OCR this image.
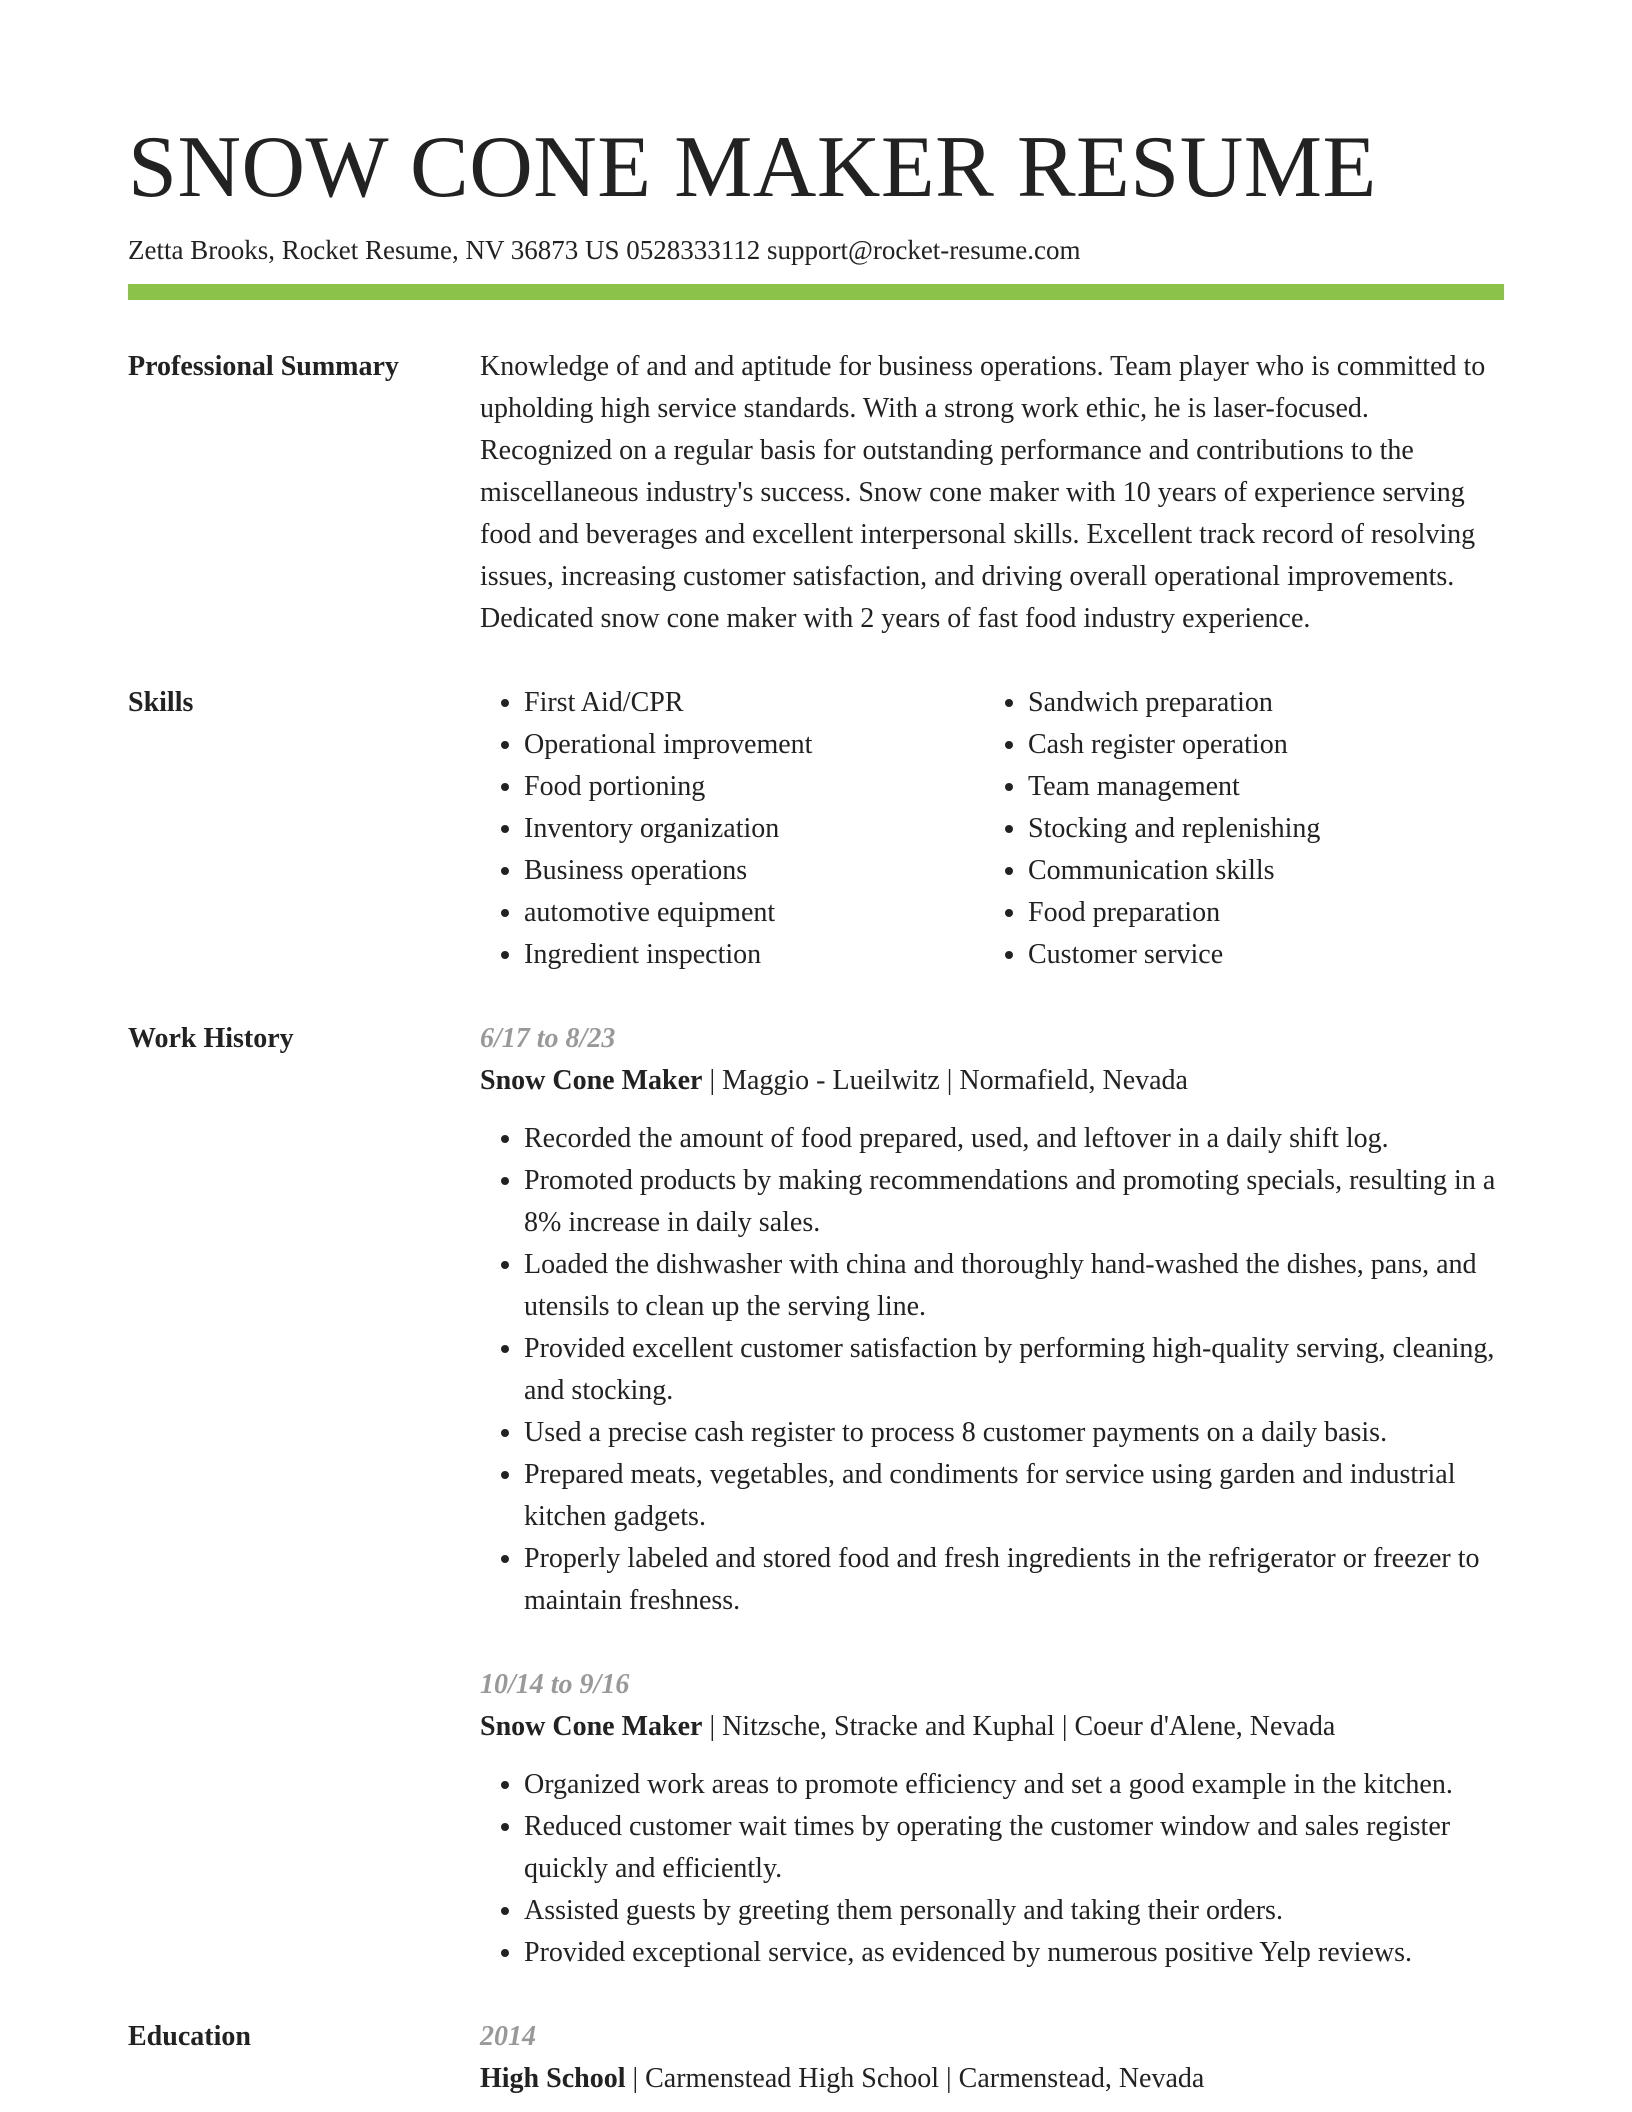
SNOW CONE MAKER RESUME
Zetta Brooks, Rocket Resume, NV 36873 US 0528333112 support@rocket-resume.com
Professional Summary	Knowledge of and and aptitude for business operations. Team player who is committed to upholding high service standards. With a strong work ethic, he is laser-focused. Recognized on a regular basis for outstanding performance and contributions to the miscellaneous industry's success. Snow cone maker with 10 years of experience serving food and beverages and excellent interpersonal skills. Excellent track record of resolving issues, increasing customer satisfaction, and driving overall operational improvements. Dedicated snow cone maker with 2 years of fast food industry experience.

Skills	• First Aid/CPR
• Operational improvement
• Food portioning
• Inventory organization
• Business operations
• automotive equipment
• Ingredient inspection
• Sandwich preparation
• Cash register operation
• Team management
• Stocking and replenishing
• Communication skills
• Food preparation
• Customer service
Work History	6/17 to 8/23
Snow Cone Maker | Maggio - Lueilwitz | Normafield, Nevada
• Recorded the amount of food prepared, used, and leftover in a daily shift log.
• Promoted products by making recommendations and promoting specials, resulting in a 8% increase in daily sales.
• Loaded the dishwasher with china and thoroughly hand-washed the dishes, pans, and utensils to clean up the serving line.
• Provided excellent customer satisfaction by performing high-quality serving, cleaning, and stocking.
• Used a precise cash register to process 8 customer payments on a daily basis.
• Prepared meats, vegetables, and condiments for service using garden and industrial kitchen gadgets.
• Properly labeled and stored food and fresh ingredients in the refrigerator or freezer to maintain freshness.
10/14 to 9/16
Snow Cone Maker | Nitzsche, Stracke and Kuphal | Coeur d'Alene, Nevada
• Organized work areas to promote efficiency and set a good example in the kitchen.
• Reduced customer wait times by operating the customer window and sales register quickly and efficiently.
• Assisted guests by greeting them personally and taking their orders.
• Provided exceptional service, as evidenced by numerous positive Yelp reviews.
Education	2014
High School | Carmenstead High School | Carmenstead, Nevada
